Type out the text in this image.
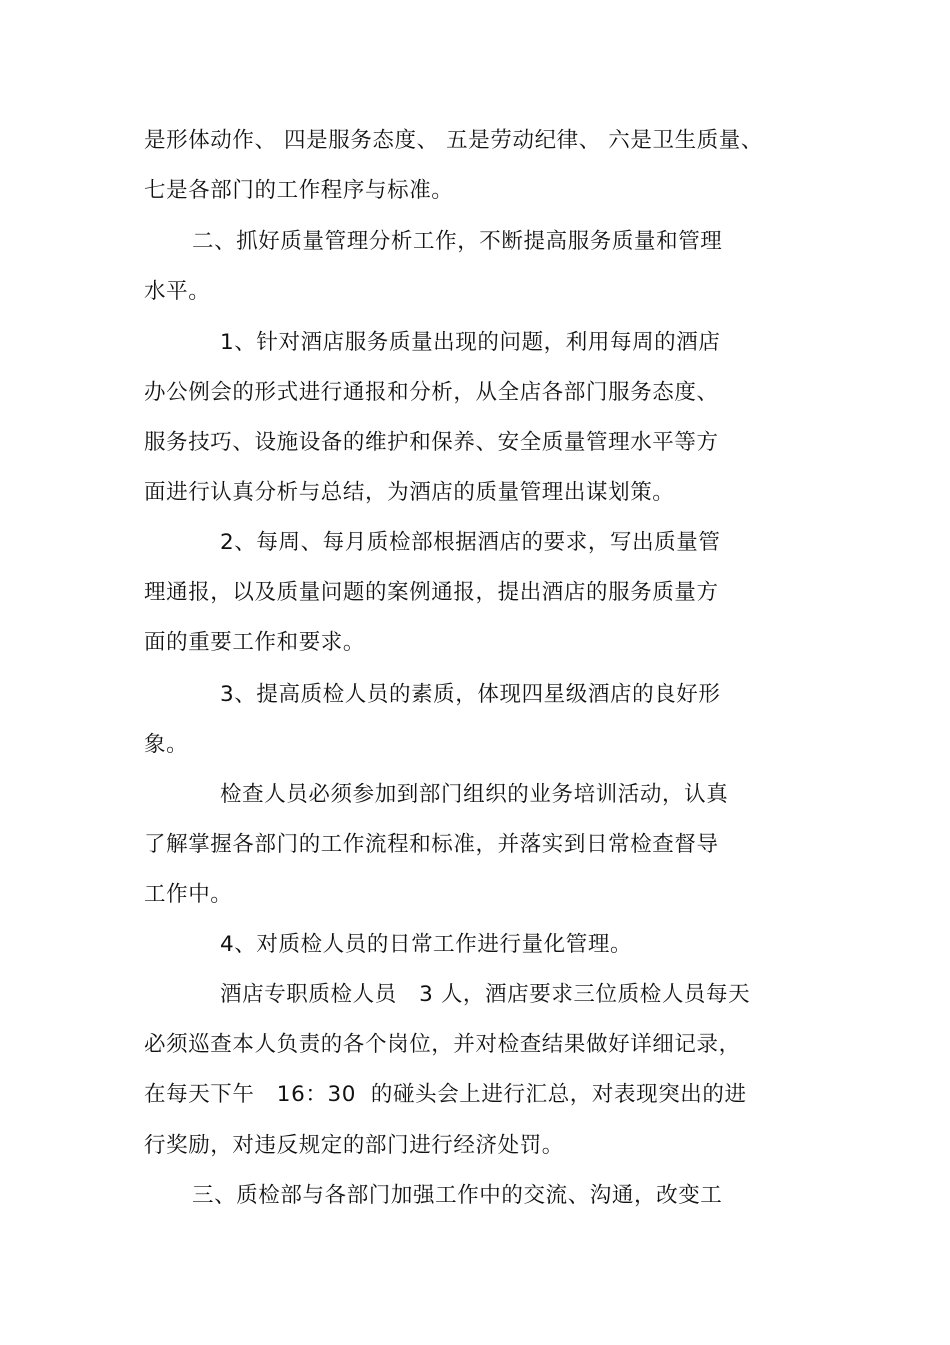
是形体动作、 四是服务态度、 五是劳动纪律、 六是卫生质量、
七是各部门的工作程序与标准。
二、抓好质量管理分析工作，不断提高服务质量和管理
水平。
1、针对酒店服务质量出现的问题，利用每周的酒店
办公例会的形式进行通报和分析，从全店各部门服务态度、
服务技巧、设施设备的维护和保养、安全质量管理水平等方
面进行认真分析与总结，为酒店的质量管理出谋划策。
2、每周、每月质检部根据酒店的要求，写出质量管
理通报，以及质量问题的案例通报，提出酒店的服务质量方
面的重要工作和要求。
3、提高质检人员的素质，体现四星级酒店的良好形
象。
检查人员必须参加到部门组织的业务培训活动，认真
了解掌握各部门的工作流程和标准，并落实到日常检查督导
工作中。
4、对质检人员的日常工作进行量化管理。
酒店专职质检人员   3 人，酒店要求三位质检人员每天
必须巡查本人负责的各个岗位，并对检查结果做好详细记录，
在每天下午   16：30  的碰头会上进行汇总，对表现突出的进
行奖励，对违反规定的部门进行经济处罚。
三、质检部与各部门加强工作中的交流、沟通，改变工
